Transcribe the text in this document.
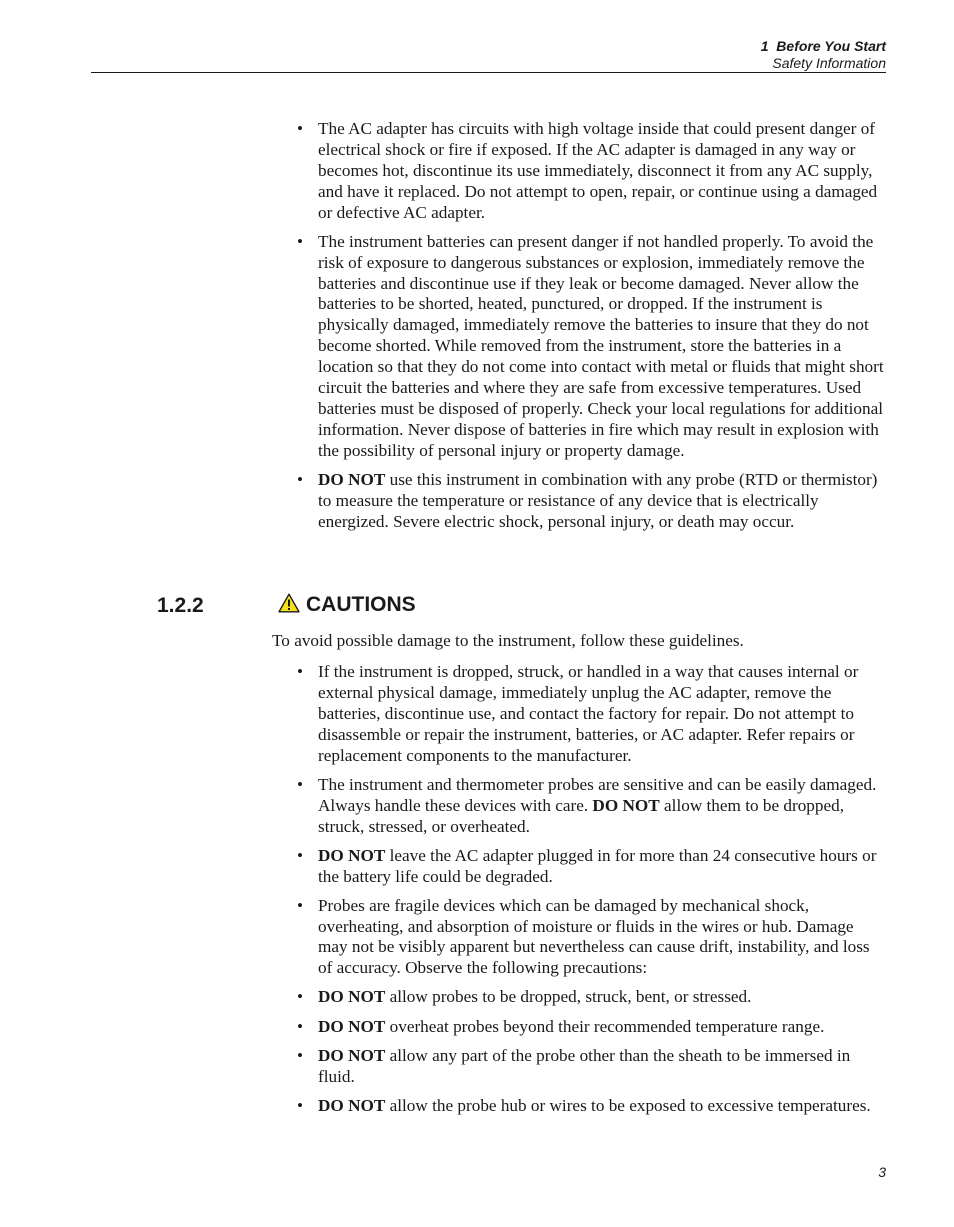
1  Before You Start
Safety Information
• The AC adapter has circuits with high voltage inside that could present danger of electrical shock or fire if exposed. If the AC adapter is damaged in any way or becomes hot, discontinue its use immediately, disconnect it from any AC supply, and have it replaced. Do not attempt to open, repair, or continue using a damaged or defective AC adapter.
• The instrument batteries can present danger if not handled properly. To avoid the risk of exposure to dangerous substances or explosion, immediately remove the batteries and discontinue use if they leak or become damaged. Never allow the batteries to be shorted, heated, punctured, or dropped. If the instrument is physically damaged, immediately remove the batteries to insure that they do not become shorted. While removed from the instrument, store the batteries in a location so that they do not come into contact with metal or fluids that might short circuit the batteries and where they are safe from excessive temperatures. Used batteries must be disposed of properly. Check your local regulations for additional information. Never dispose of batteries in fire which may result in explosion with the possibility of personal injury or property damage.
• DO NOT use this instrument in combination with any probe (RTD or thermistor) to measure the temperature or resistance of any device that is electrically energized. Severe electric shock, personal injury, or death may occur.
1.2.2	CAUTIONS

To avoid possible damage to the instrument, follow these guidelines.

• If the instrument is dropped, struck, or handled in a way that causes internal or external physical damage, immediately unplug the AC adapter, remove the batteries, discontinue use, and contact the factory for repair. Do not attempt to disassemble or repair the instrument, batteries, or AC adapter. Refer repairs or replacement components to the manufacturer.
• The instrument and thermometer probes are sensitive and can be easily damaged. Always handle these devices with care. DO NOT allow them to be dropped, struck, stressed, or overheated.
• DO NOT leave the AC adapter plugged in for more than 24 consecutive hours or the battery life could be degraded.
• Probes are fragile devices which can be damaged by mechanical shock, overheating, and absorption of moisture or fluids in the wires or hub. Damage may not be visibly apparent but nevertheless can cause drift, instability, and loss of accuracy. Observe the following precautions:
• DO NOT allow probes to be dropped, struck, bent, or stressed.
• DO NOT overheat probes beyond their recommended temperature range.
• DO NOT allow any part of the probe other than the sheath to be immersed in fluid.
• DO NOT allow the probe hub or wires to be exposed to excessive temperatures.
3
